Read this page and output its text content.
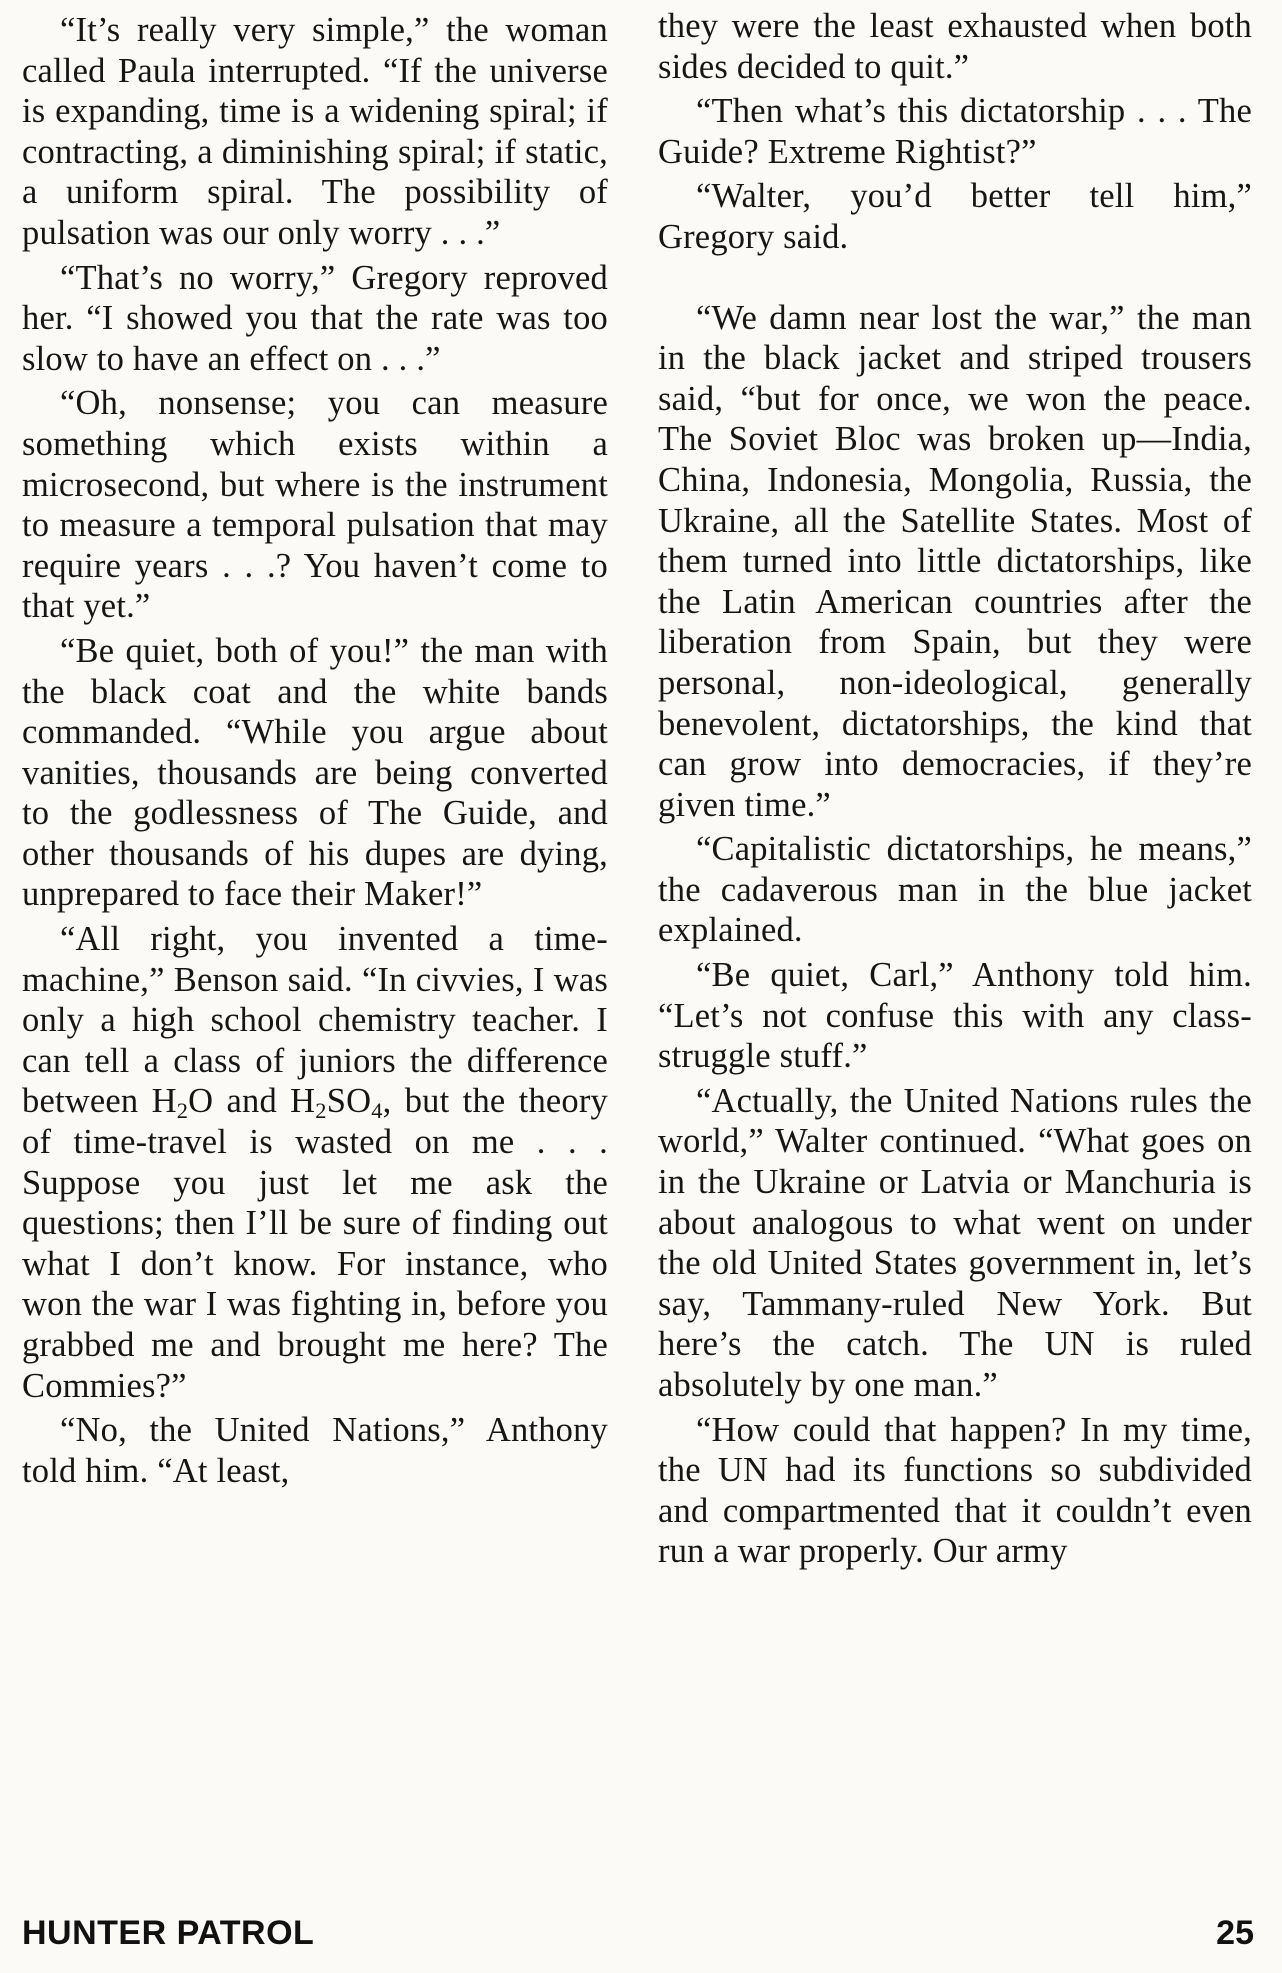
“It’s really very simple,” the woman called Paula interrupted. “If the universe is expanding, time is a widening spiral; if contracting, a diminishing spiral; if static, a uniform spiral. The possibility of pulsation was our only worry . . .”

“That’s no worry,” Gregory reproved her. “I showed you that the rate was too slow to have an effect on . . .”

“Oh, nonsense; you can measure something which exists within a microsecond, but where is the instrument to measure a temporal pulsation that may require years . . .? You haven’t come to that yet.”

“Be quiet, both of you!” the man with the black coat and the white bands commanded. “While you argue about vanities, thousands are being converted to the godlessness of The Guide, and other thousands of his dupes are dying, unprepared to face their Maker!”

“All right, you invented a time-machine,” Benson said. “In civvies, I was only a high school chemistry teacher. I can tell a class of juniors the difference between $H_2O$ and $H_2SO_4$, but the theory of time-travel is wasted on me . . . Suppose you just let me ask the questions; then I’ll be sure of finding out what I don’t know. For instance, who won the war I was fighting in, before you grabbed me and brought me here? The Commies?”

“No, the United Nations,” Anthony told him. “At least,

they were the least exhausted when both sides decided to quit.”

“Then what’s this dictatorship . . . The Guide? Extreme Rightist?”

“Walter, you’d better tell him,” Gregory said.

“We damn near lost the war,” the man in the black jacket and striped trousers said, “but for once, we won the peace. The Soviet Bloc was broken up—India, China, Indonesia, Mongolia, Russia, the Ukraine, all the Satellite States. Most of them turned into little dictatorships, like the Latin American countries after the liberation from Spain, but they were personal, non-ideological, generally benevolent, dictatorships, the kind that can grow into democracies, if they’re given time.”

“Capitalistic dictatorships, he means,” the cadaverous man in the blue jacket explained.

“Be quiet, Carl,” Anthony told him. “Let’s not confuse this with any class-struggle stuff.”

“Actually, the United Nations rules the world,” Walter continued. “What goes on in the Ukraine or Latvia or Manchuria is about analogous to what went on under the old United States government in, let’s say, Tammany-ruled New York. But here’s the catch. The UN is ruled absolutely by one man.”

“How could that happen? In my time, the UN had its functions so subdivided and compartmented that it couldn’t even run a war properly. Our army

HUNTER PATROL	25
